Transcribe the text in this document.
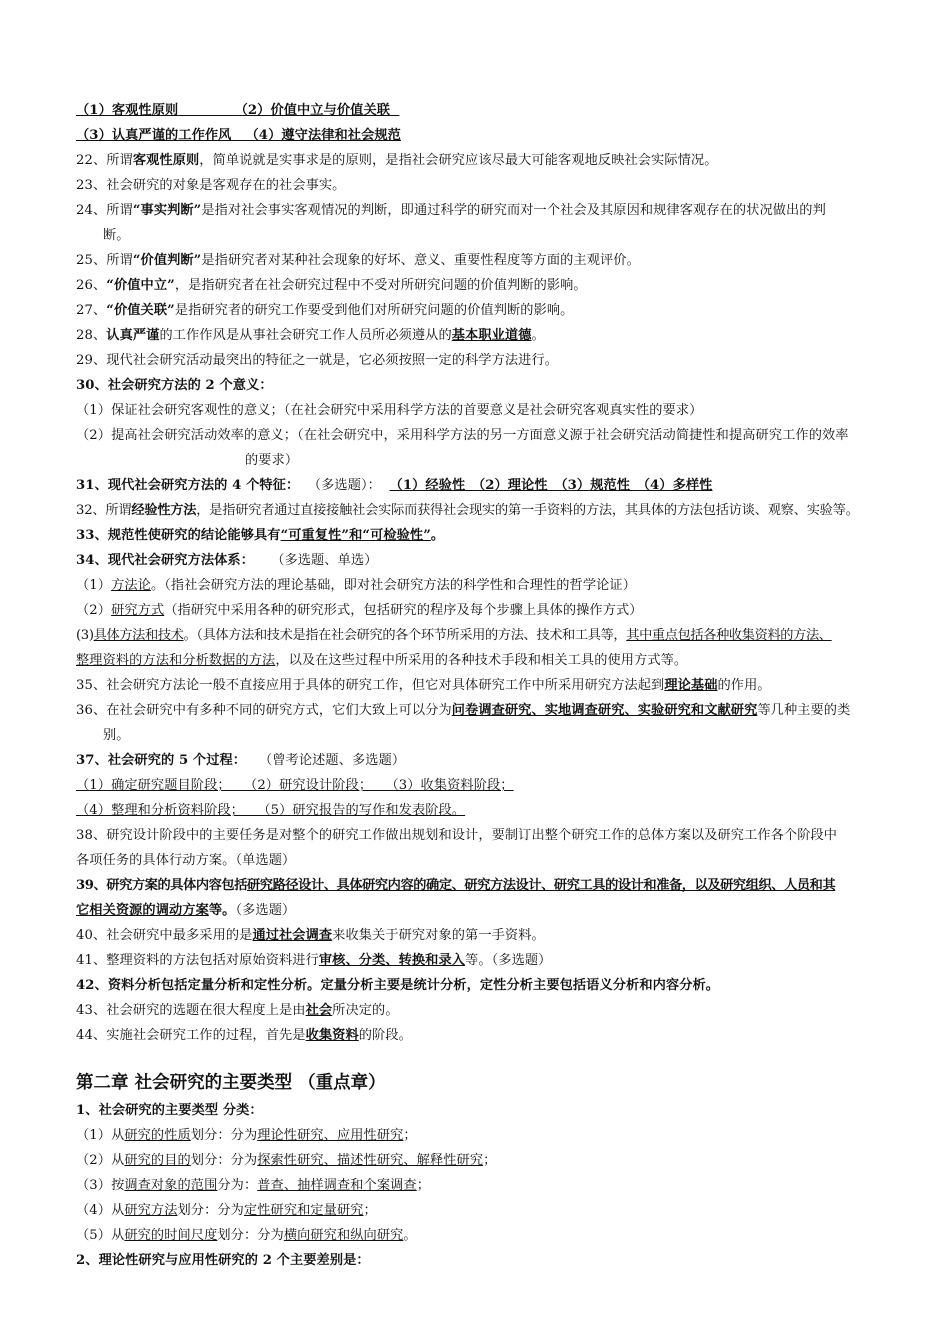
（1）客观性原则	（2）价值中立与价值关联
（3）认真严谨的工作作风 （4）遵守法律和社会规范
22、所谓客观性原则，简单说就是实事求是的原则，是指社会研究应该尽最大可能客观地反映社会实际情况。
23、社会研究的对象是客观存在的社会事实。
24、所谓“事实判断”是指对社会事实客观情况的判断，即通过科学的研究而对一个社会及其原因和规律客观存在的状况做出的判
断。
25、所谓“价值判断”是指研究者对某种社会现象的好坏、意义、重要性程度等方面的主观评价。
26、“价值中立”，是指研究者在社会研究过程中不受对所研究问题的价值判断的影响。
27、“价值关联”是指研究者的研究工作要受到他们对所研究问题的价值判断的影响。
28、认真严谨的工作作风是从事社会研究工作人员所必须遵从的基本职业道德。
29、现代社会研究活动最突出的特征之一就是，它必须按照一定的科学方法进行。
30、社会研究方法的 2 个意义：
（1）保证社会研究客观性的意义；（在社会研究中采用科学方法的首要意义是社会研究客观真实性的要求）
（2）提高社会研究活动效率的意义；（在社会研究中，采用科学方法的另一方面意义源于社会研究活动简捷性和提高研究工作的效率
的要求）
31、现代社会研究方法的 4 个特征： （多选题）： （1）经验性　（2）理论性　（3）规范性　（4）多样性
32、所谓经验性方法，是指研究者通过直接接触社会实际而获得社会现实的第一手资料的方法，其具体的方法包括访谈、观察、实验等。
33、规范性使研究的结论能够具有“可重复性”和“可检验性”。
34、现代社会研究方法体系： （多选题、单选）
（1）方法论。（指社会研究方法的理论基础，即对社会研究方法的科学性和合理性的哲学论证）
（2）研究方式（指研究中采用各种的研究形式，包括研究的程序及每个步骤上具体的操作方式）
(3)具体方法和技术。（具体方法和技术是指在社会研究的各个环节所采用的方法、技术和工具等，其中重点包括各种收集资料的方法、
整理资料的方法和分析数据的方法，以及在这些过程中所采用的各种技术手段和相关工具的使用方式等。
35、社会研究方法论一般不直接应用于具体的研究工作，但它对具体研究工作中所采用研究方法起到理论基础的作用。
36、在社会研究中有多种不同的研究方式，它们大致上可以分为问卷调查研究、实地调查研究、实验研究和文献研究等几种主要的类
别。
37、社会研究的 5 个过程： （曾考论述题、多选题）
（1）确定研究题目阶段；　　（2）研究设计阶段；　　（3）收集资料阶段；
（4）整理和分析资料阶段；　　（5）研究报告的写作和发表阶段。
38、研究设计阶段中的主要任务是对整个的研究工作做出规划和设计，要制订出整个研究工作的总体方案以及研究工作各个阶段中
各项任务的具体行动方案。（单选题）
39、研究方案的具体内容包括研究路径设计、具体研究内容的确定、研究方法设计、研究工具的设计和准备，以及研究组织、人员和其
它相关资源的调动方案等。（多选题）
40、社会研究中最多采用的是通过社会调查来收集关于研究对象的第一手资料。
41、整理资料的方法包括对原始资料进行审核、分类、转换和录入等。（多选题）
42、资料分析包括定量分析和定性分析。定量分析主要是统计分析，定性分析主要包括语义分析和内容分析。
43、社会研究的选题在很大程度上是由社会所决定的。
44、实施社会研究工作的过程，首先是收集资料的阶段。
第二章 社会研究的主要类型 （重点章）
1、社会研究的主要类型 分类：
（1）从研究的性质划分：分为理论性研究、应用性研究；
（2）从研究的目的划分：分为探索性研究、描述性研究、解释性研究；
（3）按调查对象的范围分为：普查、抽样调查和个案调查；
（4）从研究方法划分：分为定性研究和定量研究；
（5）从研究的时间尺度划分：分为横向研究和纵向研究。
2、理论性研究与应用性研究的 2 个主要差别是：
